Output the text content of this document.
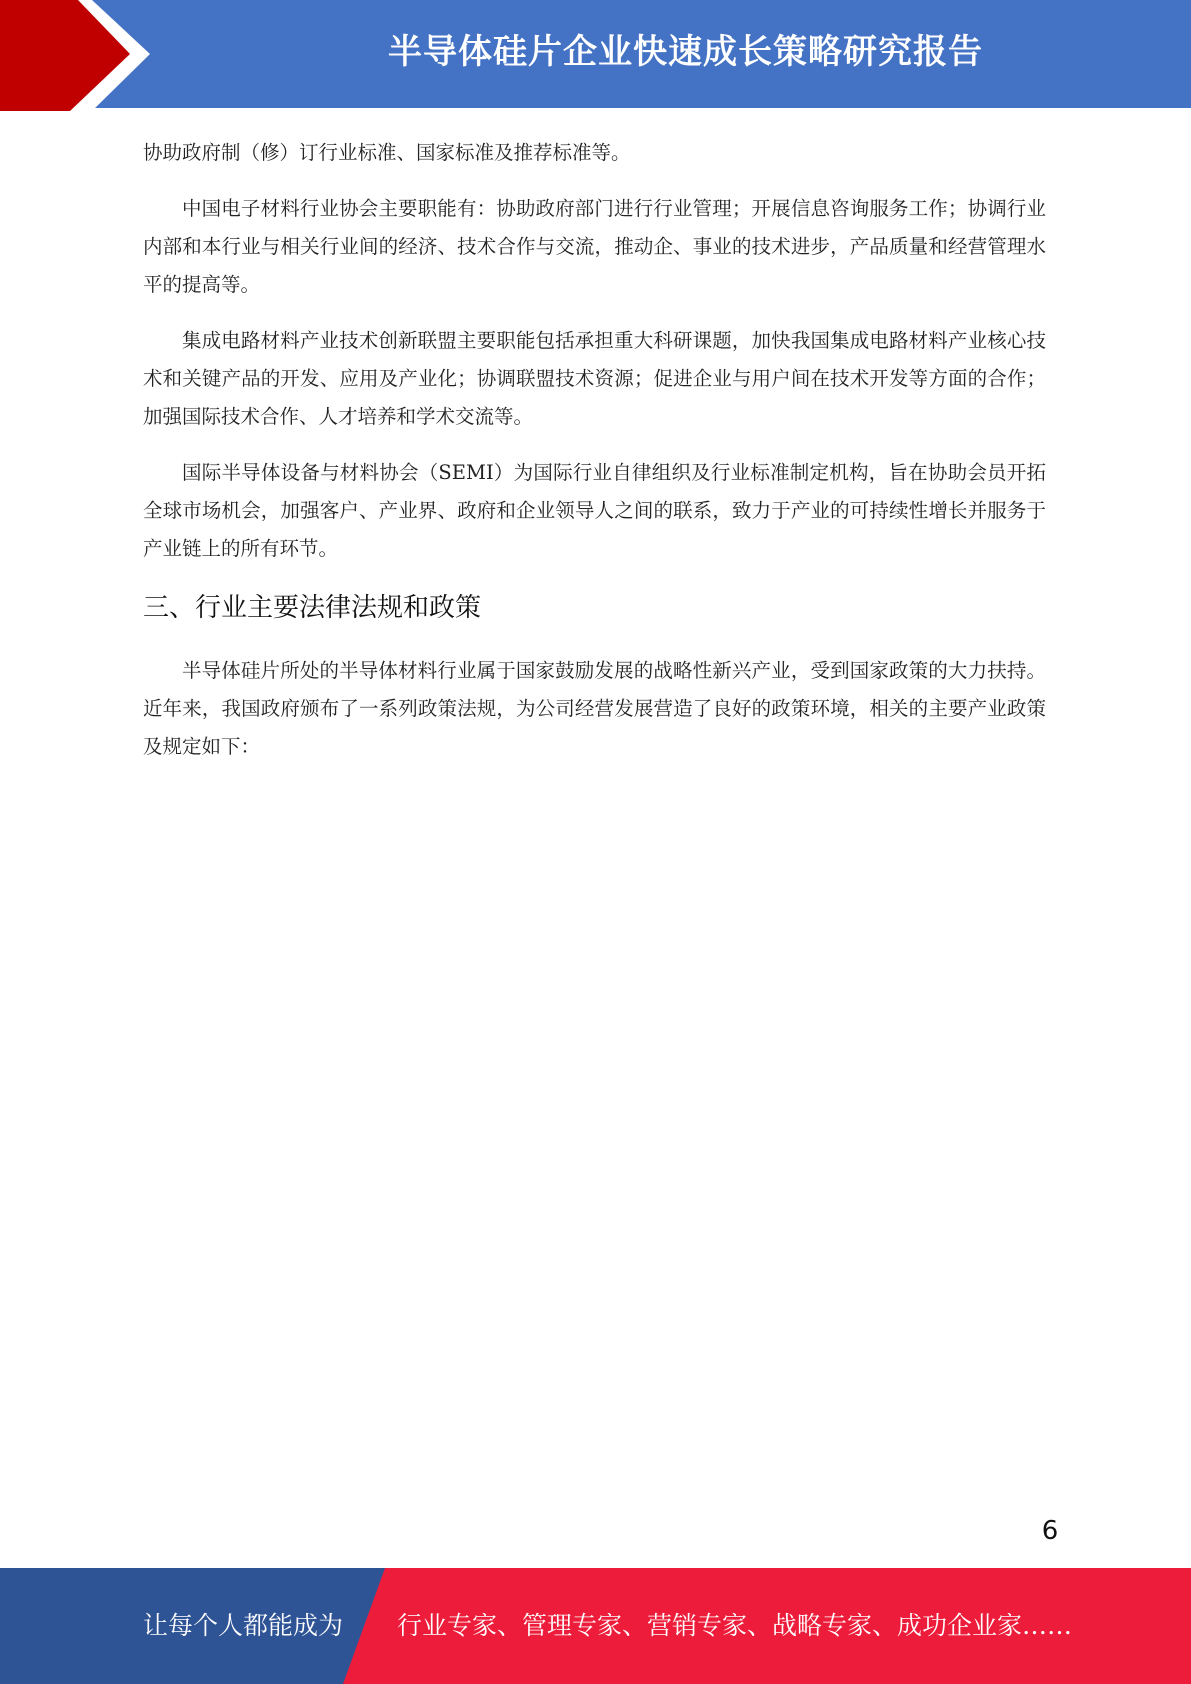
半导体硅片企业快速成长策略研究报告

协助政府制（修）订行业标准、国家标准及推荐标准等。

中国电子材料行业协会主要职能有：协助政府部门进行行业管理；开展信息咨询服务工作；协调行业内部和本行业与相关行业间的经济、技术合作与交流，推动企、事业的技术进步，产品质量和经营管理水平的提高等。

集成电路材料产业技术创新联盟主要职能包括承担重大科研课题，加快我国集成电路材料产业核心技术和关键产品的开发、应用及产业化；协调联盟技术资源；促进企业与用户间在技术开发等方面的合作；加强国际技术合作、人才培养和学术交流等。

国际半导体设备与材料协会（SEMI）为国际行业自律组织及行业标准制定机构，旨在协助会员开拓全球市场机会，加强客户、产业界、政府和企业领导人之间的联系，致力于产业的可持续性增长并服务于产业链上的所有环节。

三、行业主要法律法规和政策

半导体硅片所处的半导体材料行业属于国家鼓励发展的战略性新兴产业，受到国家政策的大力扶持。近年来，我国政府颁布了一系列政策法规，为公司经营发展营造了良好的政策环境，相关的主要产业政策及规定如下：

6
让每个人都能成为 行业专家、管理专家、营销专家、战略专家、成功企业家……
